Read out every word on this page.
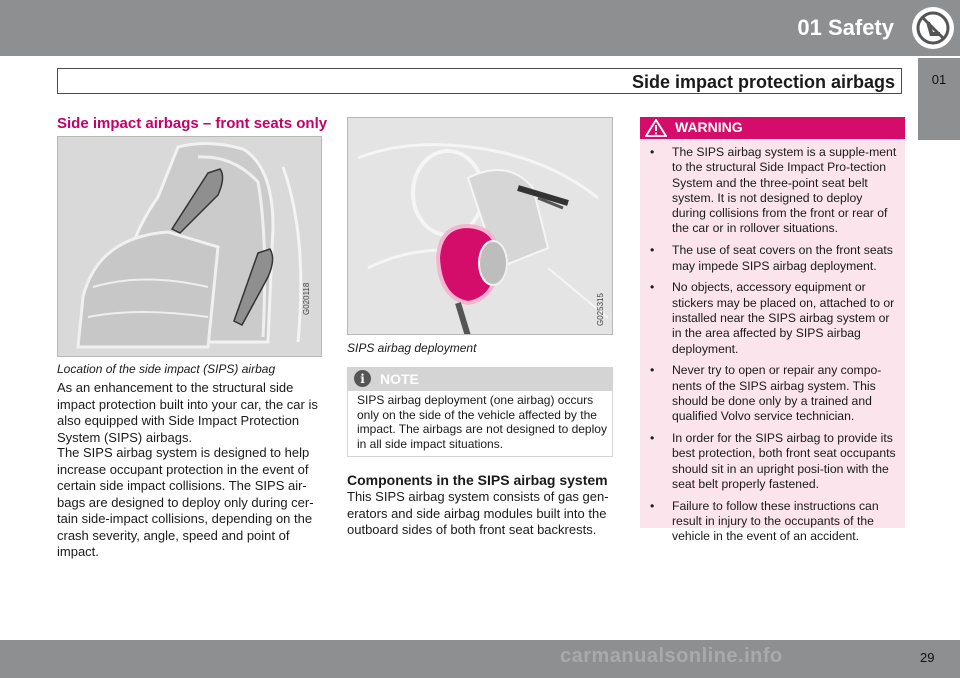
01 Safety
Side impact protection airbags	01
Side impact airbags – front seats only
G020118
Location of the side impact (SIPS) airbag
As an enhancement to the structural side impact protection built into your car, the car is also equipped with Side Impact Protection System (SIPS) airbags.
The SIPS airbag system is designed to help increase occupant protection in the event of certain side impact collisions. The SIPS air-bags are designed to deploy only during cer-tain side-impact collisions, depending on the crash severity, angle, speed and point of impact.
G025315
SIPS airbag deployment
i	NOTE
SIPS airbag deployment (one airbag) occurs only on the side of the vehicle affected by the impact. The airbags are not designed to deploy in all side impact situations.
Components in the SIPS airbag system
This SIPS airbag system consists of gas gen-erators and side airbag modules built into the outboard sides of both front seat backrests.
WARNING
• The SIPS airbag system is a supple-ment to the structural Side Impact Pro-tection System and the three-point seat belt system. It is not designed to deploy during collisions from the front or rear of the car or in rollover situations.
• The use of seat covers on the front seats may impede SIPS airbag deployment.
• No objects, accessory equipment or stickers may be placed on, attached to or installed near the SIPS airbag system or in the area affected by SIPS airbag deployment.
• Never try to open or repair any compo-nents of the SIPS airbag system. This should be done only by a trained and qualified Volvo service technician.
• In order for the SIPS airbag to provide its best protection, both front seat occupants should sit in an upright posi-tion with the seat belt properly fastened.
• Failure to follow these instructions can result in injury to the occupants of the vehicle in the event of an accident.
carmanualsonline.info	29
